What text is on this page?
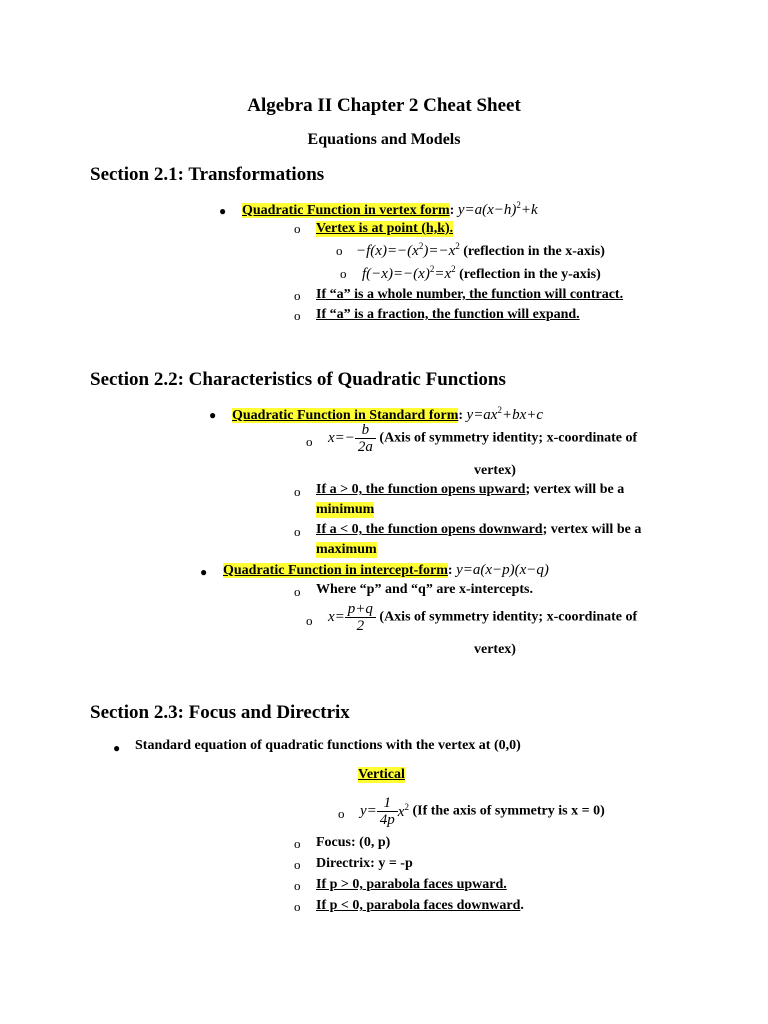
Algebra II Chapter 2 Cheat Sheet
Equations and Models
Section 2.1: Transformations
● Quadratic Function in vertex form: $y=a(x-h)^2+k$
o Vertex is at point (h,k).
$o -f(x)=-(x^2)=-x^2$ (reflection in the x-axis)
o $f(-x)=-(x)^2=x^2$ (reflection in the y-axis)
o If “a” is a whole number, the function will contract.
o If “a” is a fraction, the function will expand.
Section 2.2: Characteristics of Quadratic Functions
● Quadratic Function in Standard form: $y=ax^2+bx+c$
o $x=- \frac{b}{2a}$ (Axis of symmetry identity; x-coordinate of
vertex)
o If a > 0, the function opens upward; vertex will be a
minimum
o If a < 0, the function opens downward; vertex will be a
maximum
● Quadratic Function in intercept-form: y=a(x−p)(x−q)
o Where “p” and “q” are x-intercepts.
o $x= \frac{p+q}{2}$ (Axis of symmetry identity; x-coordinate of
vertex)
Section 2.3: Focus and Directrix
● Standard equation of quadratic functions with the vertex at (0,0)
Vertical
o $y= \frac{1}{4p} x^2$ (If the axis of symmetry is x = 0)
o Focus: (0, p)
o Directrix: y = -p
o If p > 0, parabola faces upward.
o If p < 0, parabola faces downward.
